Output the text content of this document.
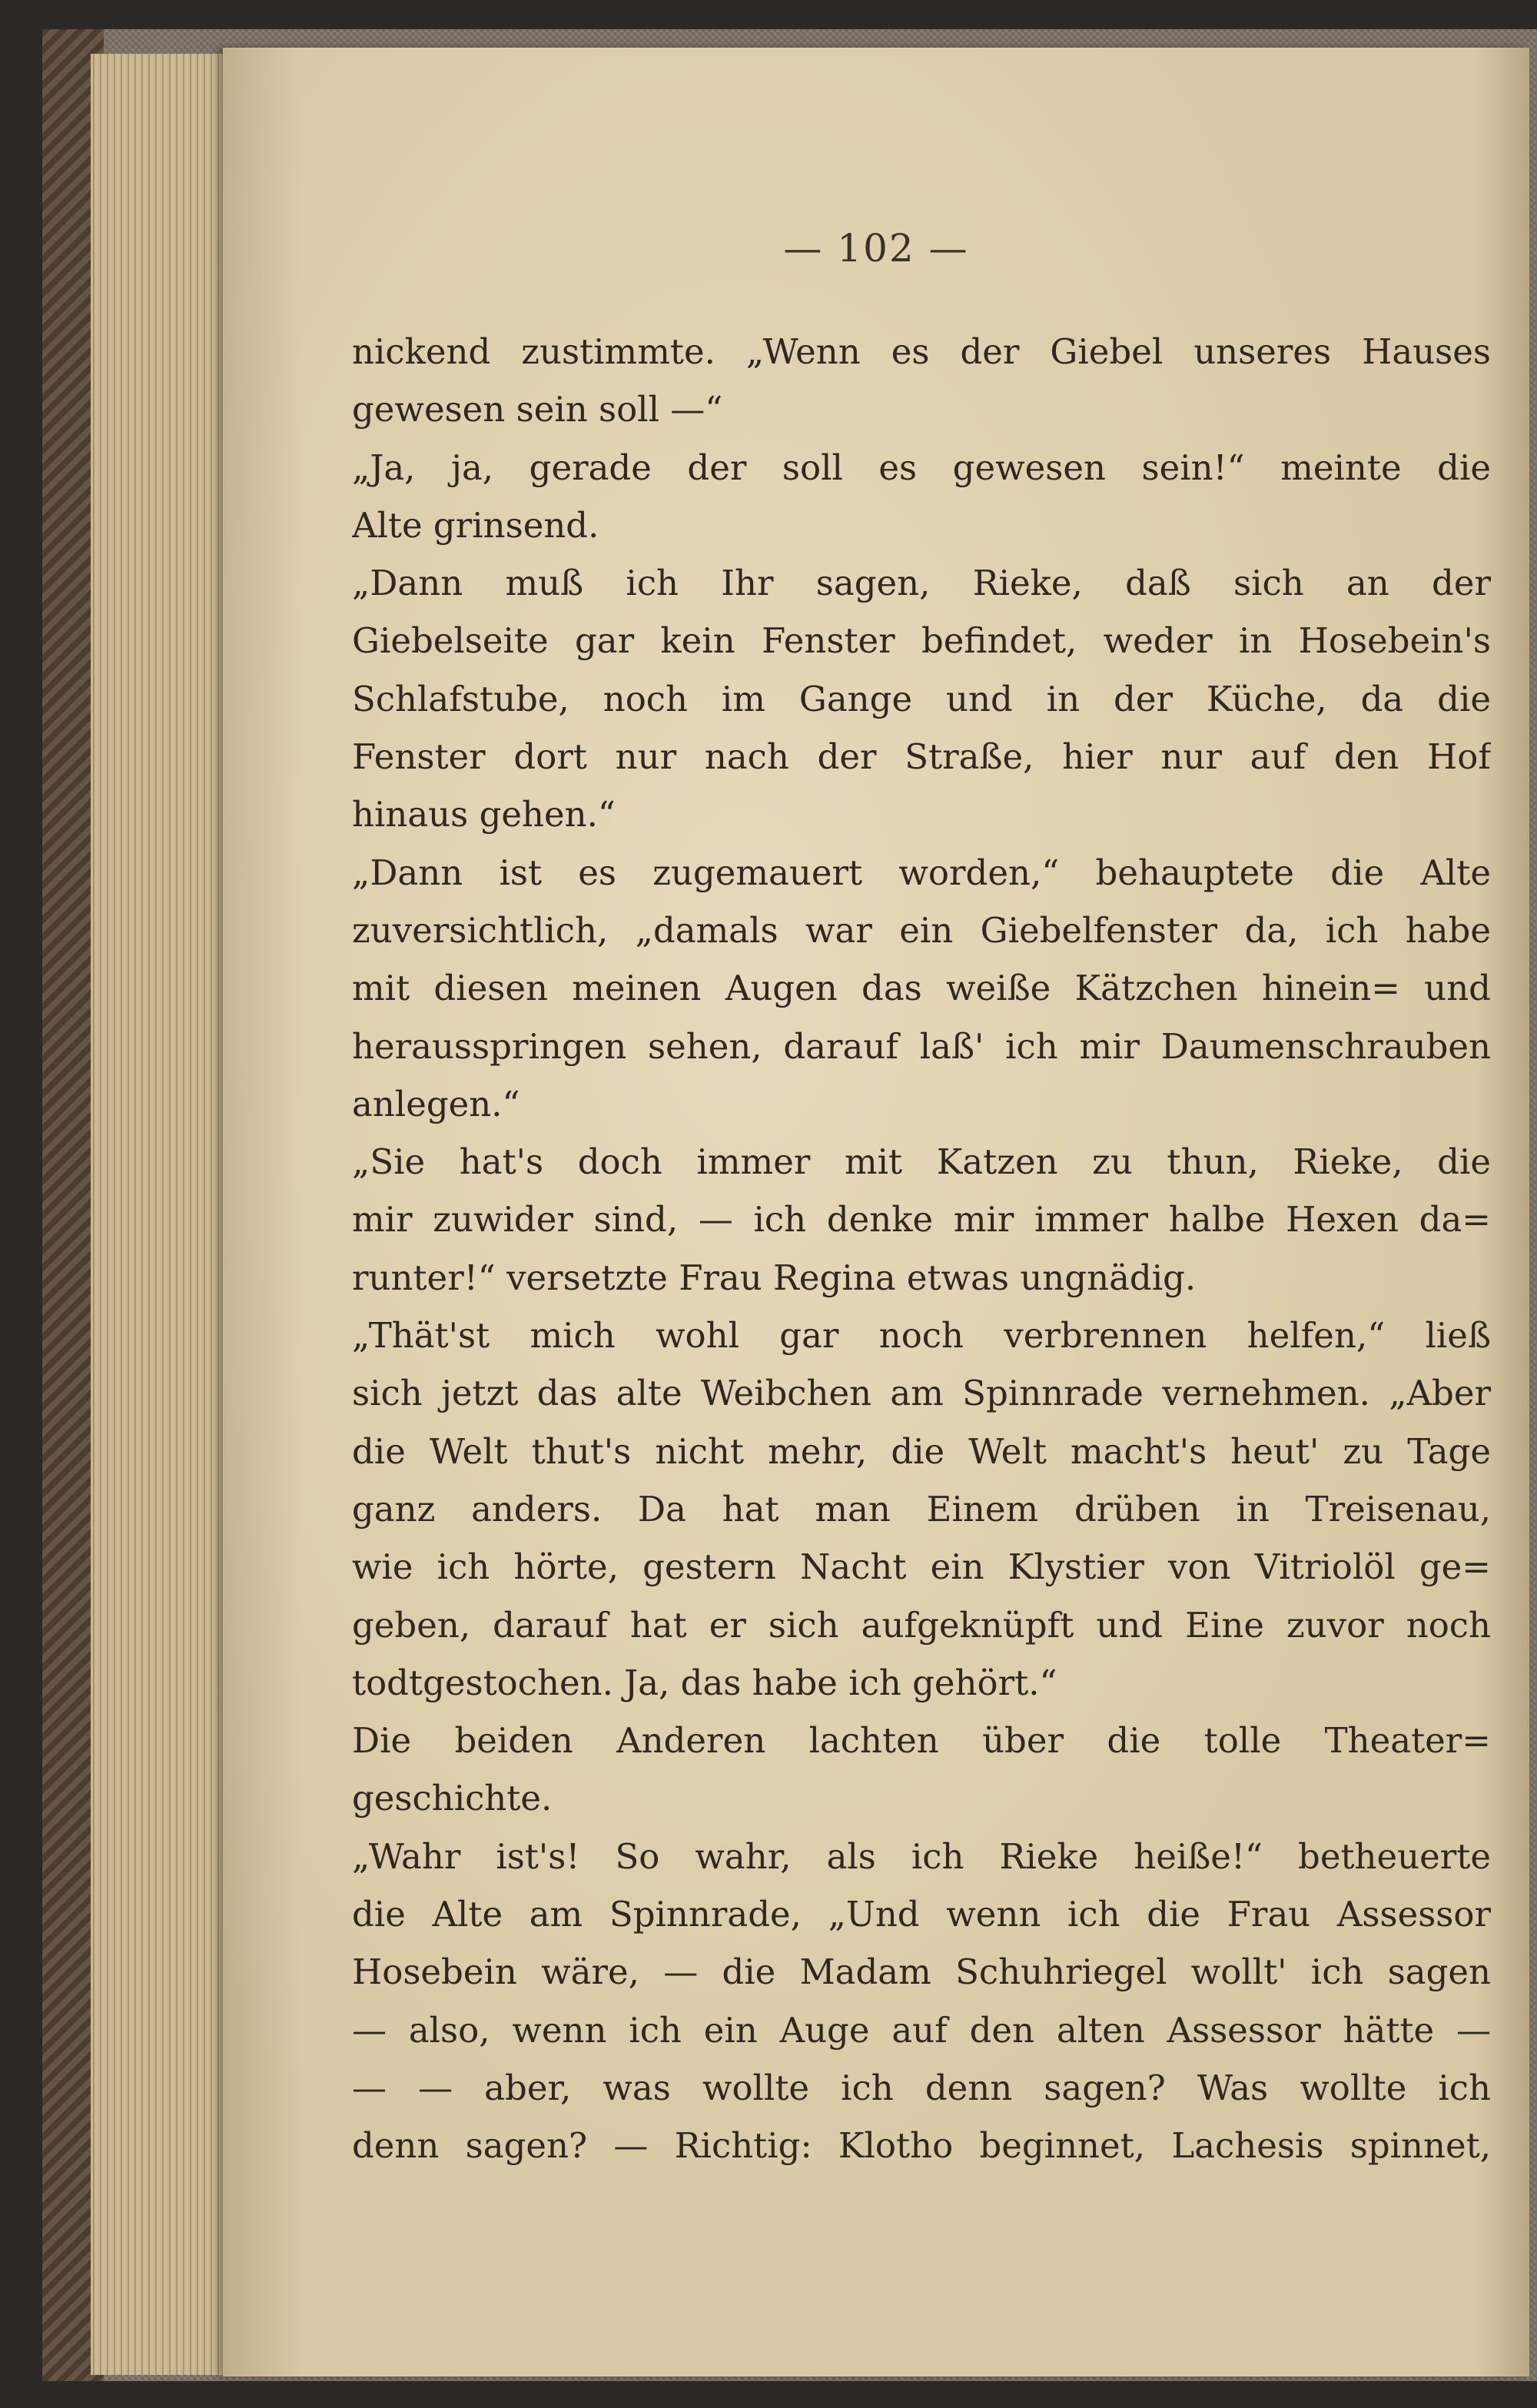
— 102 —
nickend zustimmte. „Wenn es der Giebel unseres Hauses
gewesen sein soll —“
„Ja, ja, gerade der soll es gewesen sein!“ meinte die
Alte grinsend.
„Dann muß ich Ihr sagen, Rieke, daß sich an der
Giebelseite gar kein Fenster befindet, weder in Hosebein's
Schlafstube, noch im Gange und in der Küche, da die
Fenster dort nur nach der Straße, hier nur auf den Hof
hinaus gehen.“
„Dann ist es zugemauert worden,“ behauptete die Alte
zuversichtlich, „damals war ein Giebelfenster da, ich habe
mit diesen meinen Augen das weiße Kätzchen hinein= und
herausspringen sehen, darauf laß' ich mir Daumenschrauben
anlegen.“
„Sie hat's doch immer mit Katzen zu thun, Rieke, die
mir zuwider sind, — ich denke mir immer halbe Hexen da=
runter!“ versetzte Frau Regina etwas ungnädig.
„Thät'st mich wohl gar noch verbrennen helfen,“ ließ
sich jetzt das alte Weibchen am Spinnrade vernehmen. „Aber
die Welt thut's nicht mehr, die Welt macht's heut' zu Tage
ganz anders. Da hat man Einem drüben in Treisenau,
wie ich hörte, gestern Nacht ein Klystier von Vitriolöl ge=
geben, darauf hat er sich aufgeknüpft und Eine zuvor noch
todtgestochen. Ja, das habe ich gehört.“
Die beiden Anderen lachten über die tolle Theater=
geschichte.
„Wahr ist's! So wahr, als ich Rieke heiße!“ betheuerte
die Alte am Spinnrade, „Und wenn ich die Frau Assessor
Hosebein wäre, — die Madam Schuhriegel wollt' ich sagen
— also, wenn ich ein Auge auf den alten Assessor hätte —
— — aber, was wollte ich denn sagen? Was wollte ich
denn sagen? — Richtig: Klotho beginnet, Lachesis spinnet,
